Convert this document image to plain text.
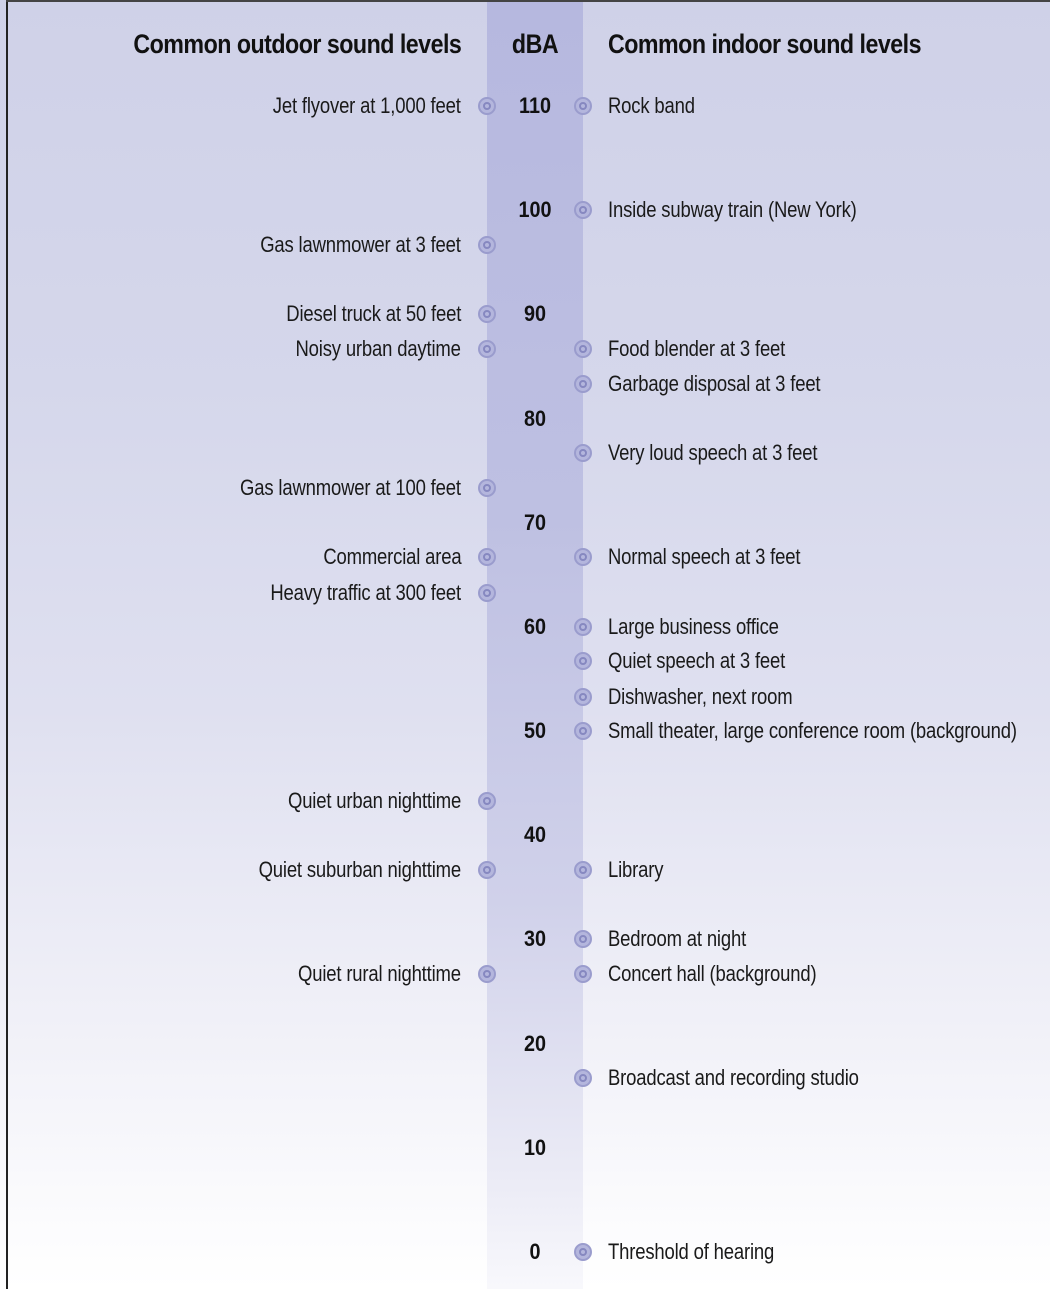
Common outdoor sound levels dBA Common indoor sound levels
110
100
90
80
70
60
50
40
30
20
10
0
Jet flyover at 1,000 feet
Gas lawnmower at 3 feet
Diesel truck at 50 feet
Noisy urban daytime
Gas lawnmower at 100 feet
Commercial area
Heavy traffic at 300 feet
Quiet urban nighttime
Quiet suburban nighttime
Quiet rural nighttime
Rock band
Inside subway train (New York)
Food blender at 3 feet
Garbage disposal at 3 feet
Very loud speech at 3 feet
Normal speech at 3 feet
Large business office
Quiet speech at 3 feet
Dishwasher, next room
Small theater, large conference room (background)
Library
Bedroom at night
Concert hall (background)
Broadcast and recording studio
Threshold of hearing
